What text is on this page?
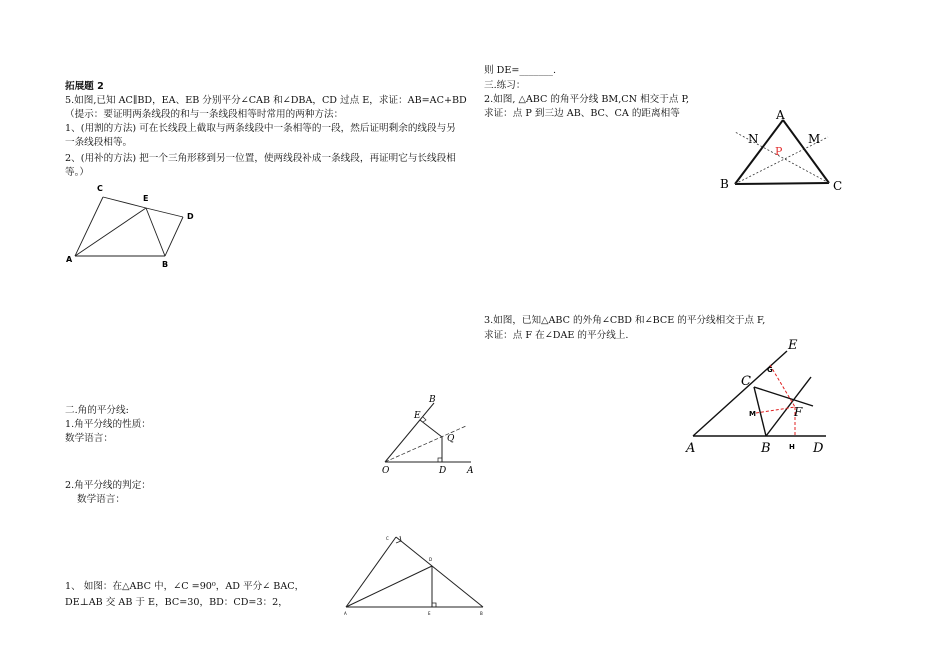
拓展题 2
5.如图,已知 AC∥BD，EA、EB 分别平分∠CAB 和∠DBA，CD 过点 E，求证：AB=AC+BD
（提示：要证明两条线段的和与一条线段相等时常用的两种方法：
1、(用割的方法) 可在长线段上截取与两条线段中一条相等的一段，然后证明剩余的线段与另
一条线段相等。
2、(用补的方法) 把一个三角形移到另一位置，使两线段补成一条线段，再证明它与长线段相
等。）
二.角的平分线:
1.角平分线的性质：
数学语言：
2.角平分线的判定：
数学语言：
1、 如图：在△ABC 中，∠C =90⁰，AD 平分∠ BAC，
DE⊥AB 交 AB 于 E，BC=30，BD：CD=3：2，
则 DE=_______.
三.练习：
2.如图, △ABC 的角平分线 BM,CN 相交于点 P,
求证：点 P 到三边 AB、BC、CA 的距离相等
3.如图，已知△ABC 的外角∠CBD 和∠BCE 的平分线相交于点 F,
求证：点 F 在∠DAE 的平分线上.
A
B
C
D
E
O	A
B
E
Q
D
C
D
A	E	B
A
B	C
N	M
P
A	B
C
D
E
F
G
M
H
